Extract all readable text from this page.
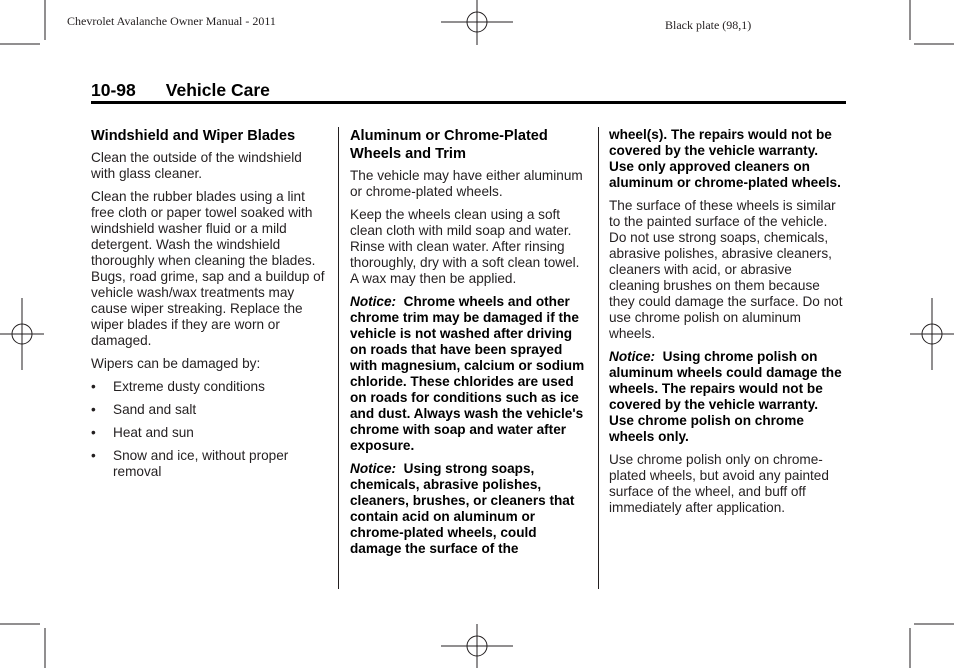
Chevrolet Avalanche Owner Manual - 2011	Black plate (98,1)
10-98 Vehicle Care
Windshield and Wiper Blades

Clean the outside of the windshield with glass cleaner.

Clean the rubber blades using a lint free cloth or paper towel soaked with windshield washer fluid or a mild detergent. Wash the windshield thoroughly when cleaning the blades. Bugs, road grime, sap and a buildup of vehicle wash/wax treatments may cause wiper streaking. Replace the wiper blades if they are worn or damaged.

Wipers can be damaged by:

• Extreme dusty conditions
• Sand and salt
• Heat and sun
• Snow and ice, without proper removal
Aluminum or Chrome-Plated Wheels and Trim

The vehicle may have either aluminum or chrome-plated wheels.

Keep the wheels clean using a soft clean cloth with mild soap and water. Rinse with clean water. After rinsing thoroughly, dry with a soft clean towel. A wax may then be applied.

Notice: Chrome wheels and other chrome trim may be damaged if the vehicle is not washed after driving on roads that have been sprayed with magnesium, calcium or sodium chloride. These chlorides are used on roads for conditions such as ice and dust. Always wash the vehicle's chrome with soap and water after exposure.

Notice: Using strong soaps, chemicals, abrasive polishes, cleaners, brushes, or cleaners that contain acid on aluminum or chrome-plated wheels, could damage the surface of the

wheel(s). The repairs would not be covered by the vehicle warranty. Use only approved cleaners on aluminum or chrome-plated wheels.

The surface of these wheels is similar to the painted surface of the vehicle. Do not use strong soaps, chemicals, abrasive polishes, abrasive cleaners, cleaners with acid, or abrasive cleaning brushes on them because they could damage the surface. Do not use chrome polish on aluminum wheels.

Notice: Using chrome polish on aluminum wheels could damage the wheels. The repairs would not be covered by the vehicle warranty. Use chrome polish on chrome wheels only.

Use chrome polish only on chrome-plated wheels, but avoid any painted surface of the wheel, and buff off immediately after application.
